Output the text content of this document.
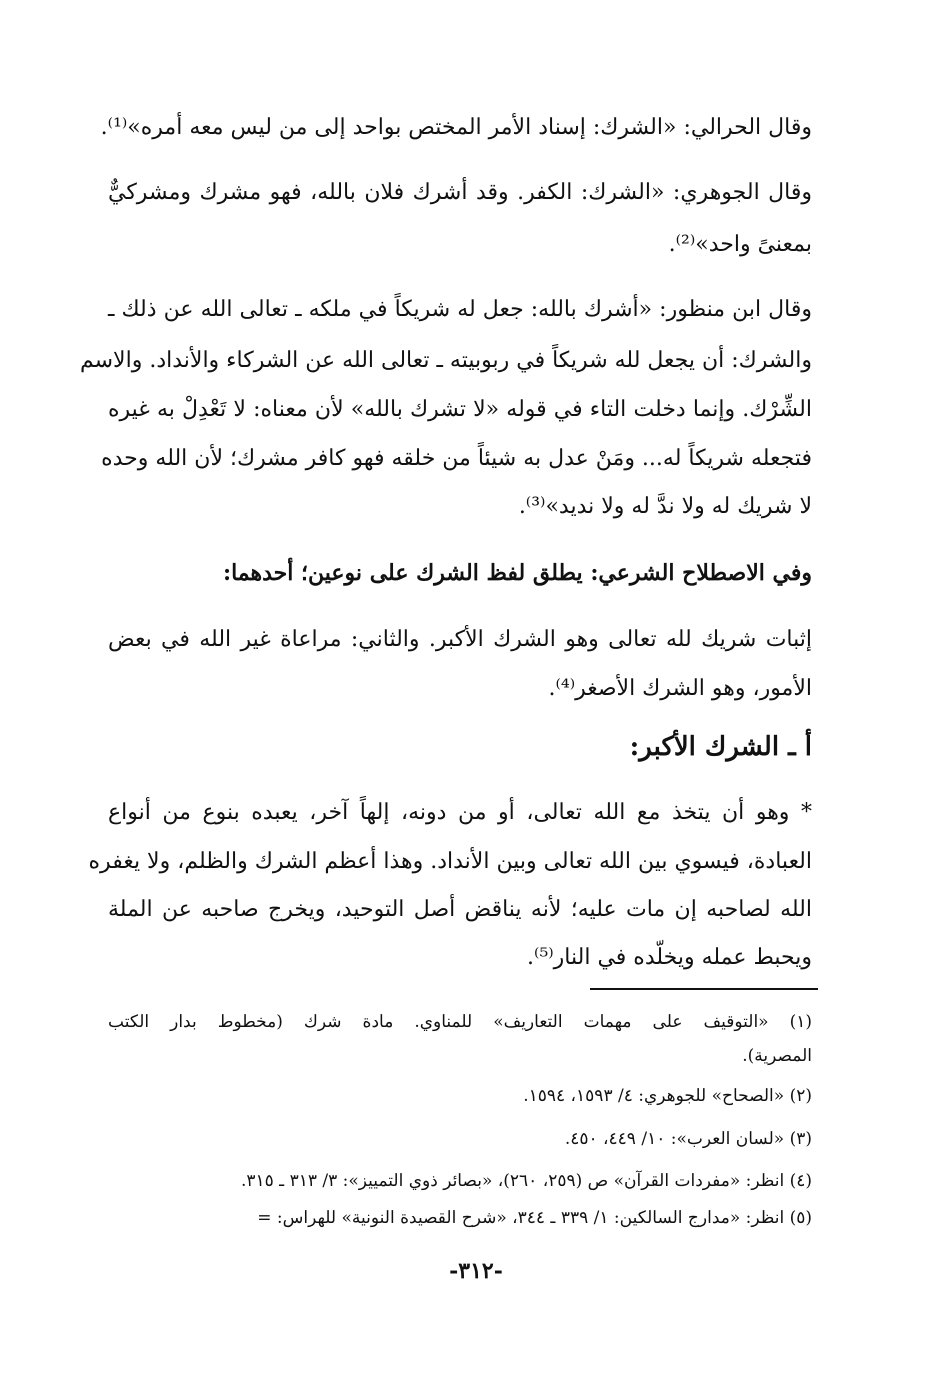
وقال الحرالي: «الشرك: إسناد الأمر المختص بواحد إلى من ليس معه أمره»⁽¹⁾.
وقال الجوهري: «الشرك: الكفر. وقد أشرك فلان بالله، فهو مشرك ومشركيٌّ
بمعنىً واحد»⁽²⁾.
وقال ابن منظور: «أشرك بالله: جعل له شريكاً في ملكه ـ تعالى الله عن ذلك ـ
والشرك: أن يجعل لله شريكاً في ربوبيته ـ تعالى الله عن الشركاء والأنداد. والاسم
الشِّرْك. وإنما دخلت التاء في قوله «لا تشرك بالله» لأن معناه: لا تَعْدِلْ به غيره
فتجعله شريكاً له... ومَنْ عدل به شيئاً من خلقه فهو كافر مشرك؛ لأن الله وحده
لا شريك له ولا ندَّ له ولا نديد»⁽³⁾.
وفي الاصطلاح الشرعي: يطلق لفظ الشرك على نوعين؛ أحدهما:
إثبات شريك لله تعالى وهو الشرك الأكبر. والثاني: مراعاة غير الله في بعض
الأمور، وهو الشرك الأصغر⁽⁴⁾.
أ ـ الشرك الأكبر:
* وهو أن يتخذ مع الله تعالى، أو من دونه، إلهاً آخر، يعبده بنوع من أنواع
العبادة، فيسوي بين الله تعالى وبين الأنداد. وهذا أعظم الشرك والظلم، ولا يغفره
الله لصاحبه إن مات عليه؛ لأنه يناقض أصل التوحيد، ويخرج صاحبه عن الملة
ويحبط عمله ويخلّده في النار⁽⁵⁾.
(١) «التوقيف على مهمات التعاريف» للمناوي. مادة شرك (مخطوط بدار الكتب
المصرية).
(٢) «الصحاح» للجوهري: ٤/ ١٥٩٣، ١٥٩٤.
(٣) «لسان العرب»: ١٠/ ٤٤٩، ٤٥٠.
(٤) انظر: «مفردات القرآن» ص (٢٥٩، ٢٦٠)، «بصائر ذوي التمييز»: ٣/ ٣١٣ ـ ٣١٥.
(٥) انظر: «مدارج السالكين: ١/ ٣٣٩ ـ ٣٤٤، «شرح القصيدة النونية» للهراس: =
-٣١٢-
